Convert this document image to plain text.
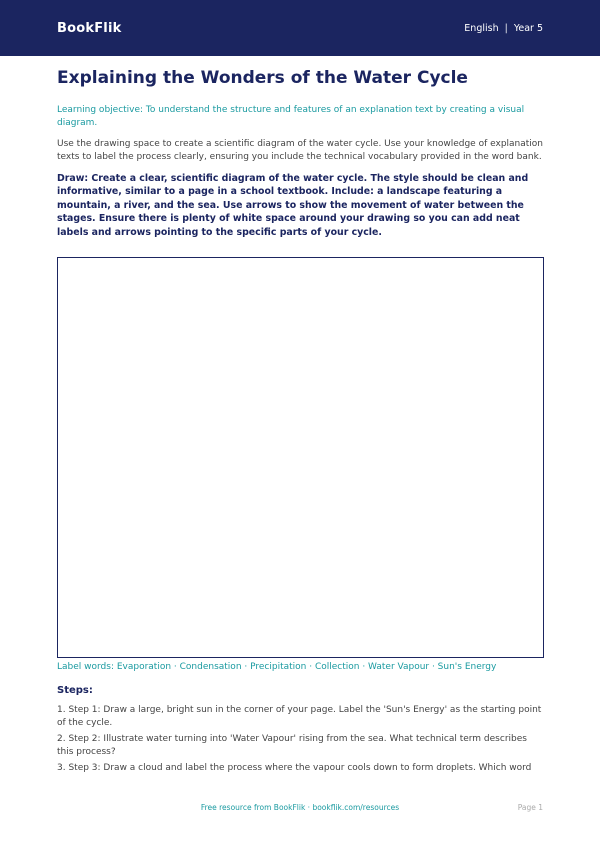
BookFlik	English | Year 5
Explaining the Wonders of the Water Cycle

Learning objective: To understand the structure and features of an explanation text by creating a visual diagram.

Use the drawing space to create a scientific diagram of the water cycle. Use your knowledge of explanation texts to label the process clearly, ensuring you include the technical vocabulary provided in the word bank.

Draw: Create a clear, scientific diagram of the water cycle. The style should be clean and informative, similar to a page in a school textbook. Include: a landscape featuring a mountain, a river, and the sea. Use arrows to show the movement of water between the stages. Ensure there is plenty of white space around your drawing so you can add neat labels and arrows pointing to the specific parts of your cycle.

Label words: Evaporation · Condensation · Precipitation · Collection · Water Vapour · Sun's Energy
Steps:

1. Step 1: Draw a large, bright sun in the corner of your page. Label the 'Sun's Energy' as the starting point of the cycle.

2. Step 2: Illustrate water turning into 'Water Vapour' rising from the sea. What technical term describes this process?

3. Step 3: Draw a cloud and label the process where the vapour cools down to form droplets. Which word

Free resource from BookFlik · bookflik.com/resources	Page 1
